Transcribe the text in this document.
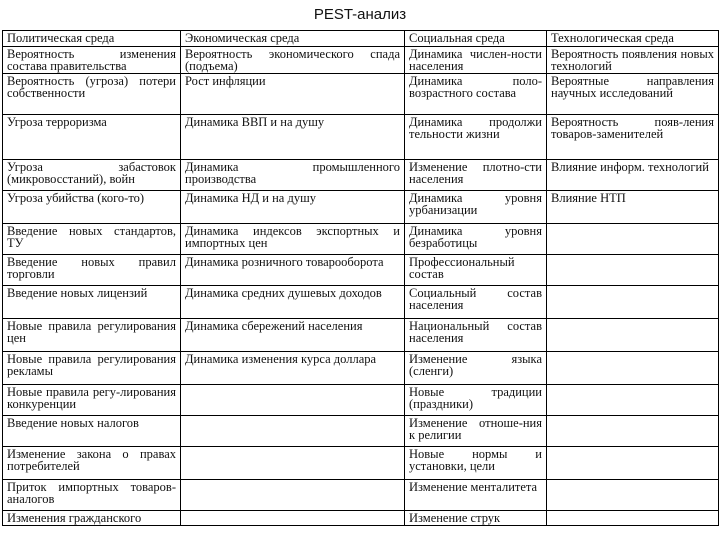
PEST-анализ
Политическая среда	Экономическая среда	Социальная среда	Технологическая среда
Вероятность изменения состава правительства	Вероятность экономического спада (подъема)	Динамика числен-ности населения	Вероятность появления новых технологий
Вероятность (угроза) потери собственности	Рост инфляции	Динамика поло-возрастного состава	Вероятные направления научных исследований
Угроза терроризма	Динамика ВВП и на душу	Динамика продолжи тельности жизни	Вероятность появ-ления товаров-заменителей
Угроза забастовок (микровосстаний), войн	Динамика промышленного производства	Изменение плотно-сти населения	Влияние информ. технологий
Угроза убийства (кого-то)	Динамика НД и на душу	Динамика уровня урбанизации	Влияние НТП
Введение новых стандартов, ТУ	Динамика индексов экспортных и импортных цен	Динамика уровня безработицы	
Введение новых правил торговли	Динамика розничного товарооборота	Профессиональный состав	
Введение новых лицензий	Динамика средних душевых доходов	Социальный состав населения	
Новые правила регулирования цен	Динамика сбережений населения	Национальный состав населения	
Новые правила регулирования рекламы	Динамика изменения курса доллара	Изменение языка (сленги)	
Новые правила регу-лирования конкуренции		Новые традиции (праздники)	
Введение новых налогов		Изменение отноше-ния к религии	
Изменение закона о правах потребителей		Новые нормы и установки, цели	
Приток импортных товаров-аналогов		Изменение менталитета	
Изменения гражданского		Изменение струк	
